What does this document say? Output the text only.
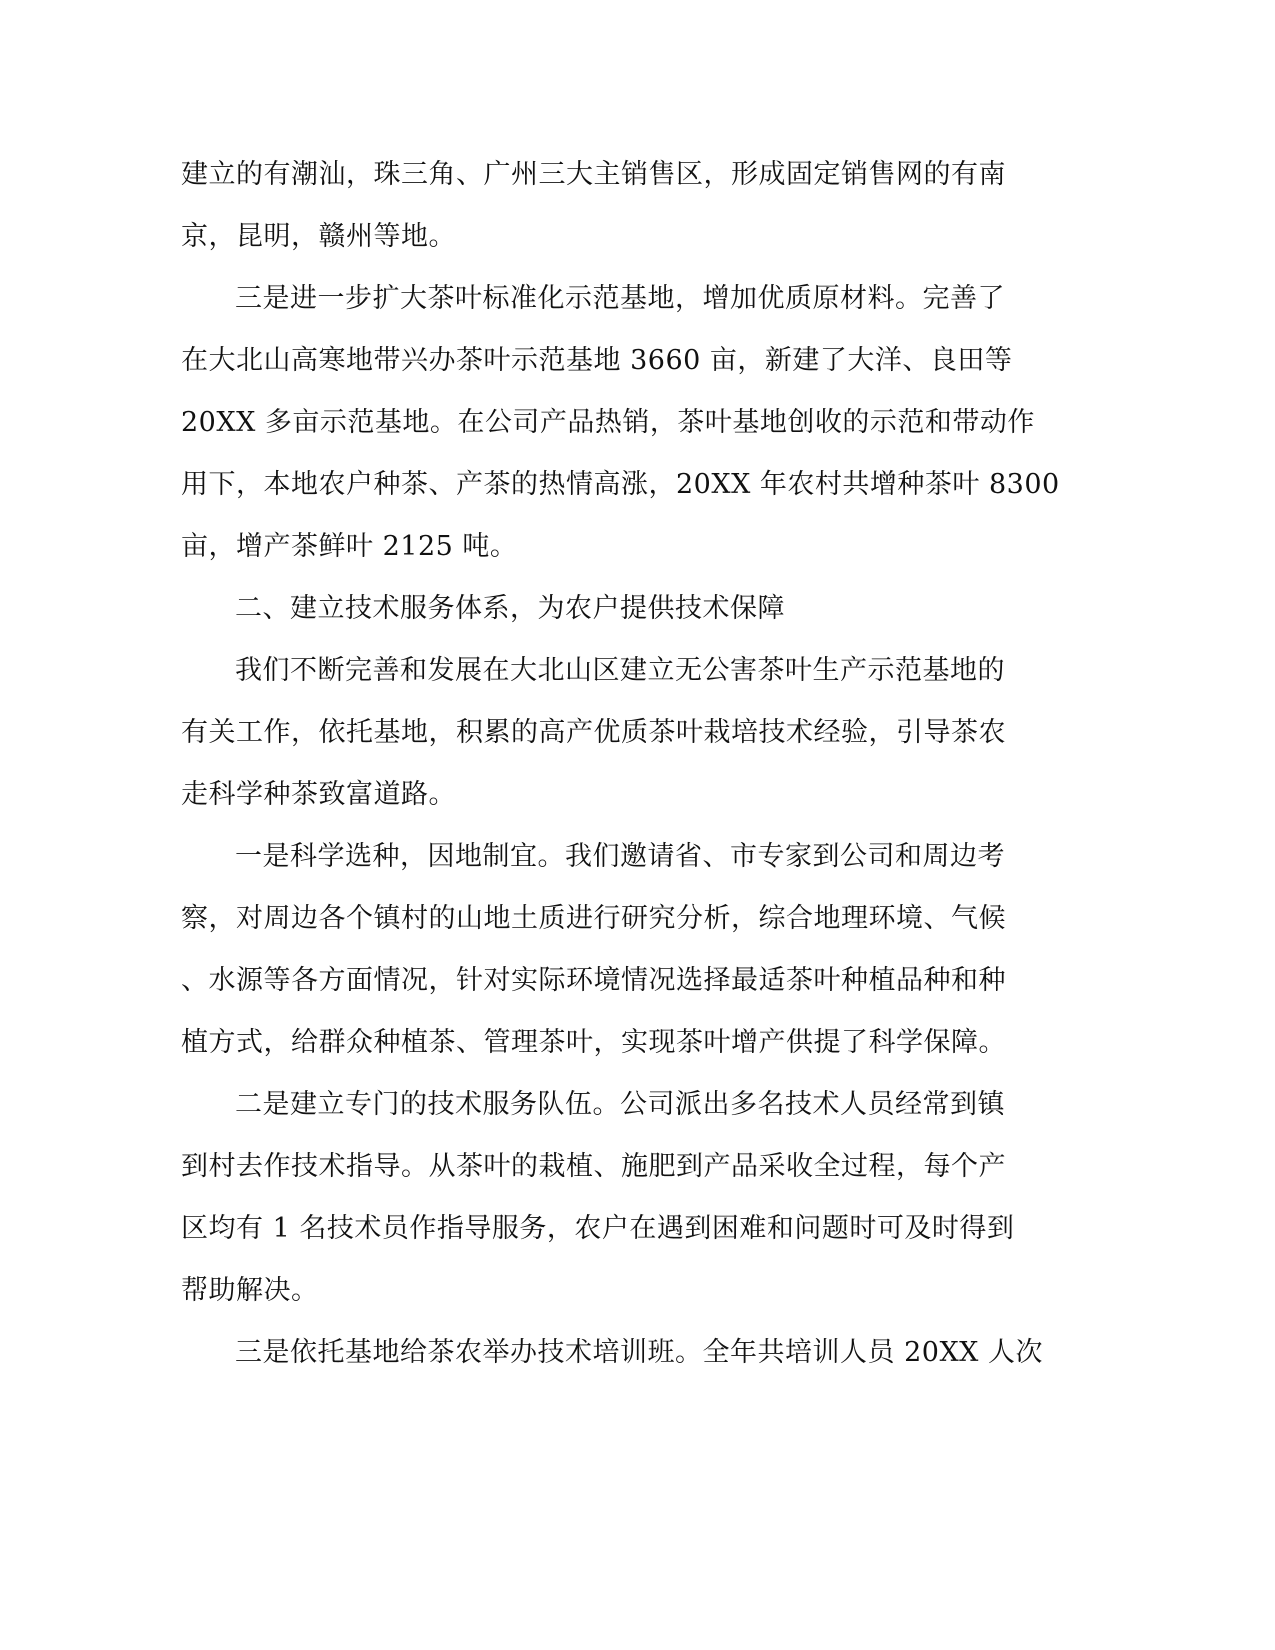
建立的有潮汕，珠三角、广州三大主销售区，形成固定销售网的有南
京，昆明，赣州等地。
三是进一步扩大茶叶标准化示范基地，增加优质原材料。完善了
在大北山高寒地带兴办茶叶示范基地 3660 亩，新建了大洋、良田等
20XX 多亩示范基地。在公司产品热销，茶叶基地创收的示范和带动作
用下，本地农户种茶、产茶的热情高涨，20XX 年农村共增种茶叶 8300
亩，增产茶鲜叶 2125 吨。
二、建立技术服务体系，为农户提供技术保障
我们不断完善和发展在大北山区建立无公害茶叶生产示范基地的
有关工作，依托基地，积累的高产优质茶叶栽培技术经验，引导茶农
走科学种茶致富道路。
一是科学选种，因地制宜。我们邀请省、市专家到公司和周边考
察，对周边各个镇村的山地土质进行研究分析，综合地理环境、气候
、水源等各方面情况，针对实际环境情况选择最适茶叶种植品种和种
植方式，给群众种植茶、管理茶叶，实现茶叶增产供提了科学保障。
二是建立专门的技术服务队伍。公司派出多名技术人员经常到镇
到村去作技术指导。从茶叶的栽植、施肥到产品采收全过程，每个产
区均有 1 名技术员作指导服务，农户在遇到困难和问题时可及时得到
帮助解决。
三是依托基地给茶农举办技术培训班。全年共培训人员 20XX 人次
